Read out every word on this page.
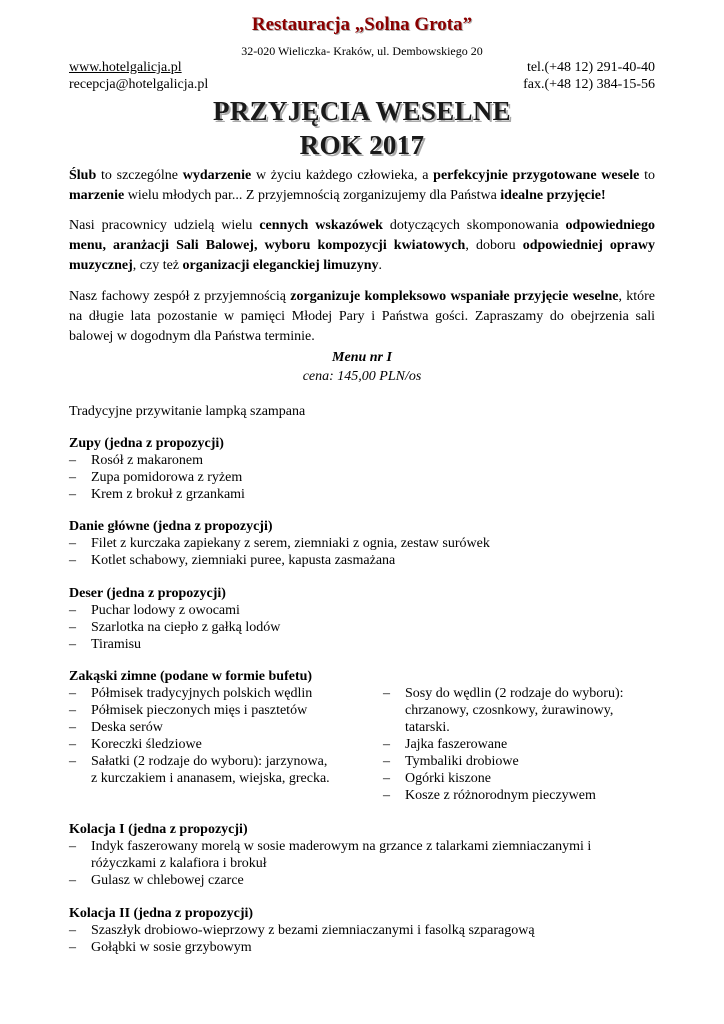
Restauracja „Solna Grota”
32-020 Wieliczka- Kraków, ul. Dembowskiego 20
www.hotelgalicja.pl	tel.(+48 12) 291-40-40
recepcja@hotelgalicja.pl	fax.(+48 12) 384-15-56
PRZYJĘCIA WESELNE
ROK 2017

Ślub to szczególne wydarzenie w życiu każdego człowieka, a perfekcyjnie przygotowane wesele to marzenie wielu młodych par... Z przyjemnością zorganizujemy dla Państwa idealne przyjęcie!

Nasi pracownicy udzielą wielu cennych wskazówek dotyczących skomponowania odpowiedniego menu, aranżacji Sali Balowej, wyboru kompozycji kwiatowych, doboru odpowiedniej oprawy muzycznej, czy też organizacji eleganckiej limuzyny.

Nasz fachowy zespół z przyjemnością zorganizuje kompleksowo wspaniałe przyjęcie weselne, które na długie lata pozostanie w pamięci Młodej Pary i Państwa gości. Zapraszamy do obejrzenia sali balowej w dogodnym dla Państwa terminie.

Menu nr I
cena: 145,00 PLN/os
Tradycyjne przywitanie lampką szampana
Zupy (jedna z propozycji)
– Rosół z makaronem
– Zupa pomidorowa z ryżem
– Krem z brokuł z grzankami
Danie główne (jedna z propozycji)
– Filet z kurczaka zapiekany z serem, ziemniaki z ognia, zestaw surówek
– Kotlet schabowy, ziemniaki puree, kapusta zasmażana
Deser (jedna z propozycji)
– Puchar lodowy z owocami
– Szarlotka na ciepło z gałką lodów
– Tiramisu
Zakąski zimne (podane w formie bufetu)
– Półmisek tradycyjnych polskich wędlin
– Półmisek pieczonych mięs i pasztetów
– Deska serów
– Koreczki śledziowe
– Sałatki (2 rodzaje do wyboru): jarzynowa,
z kurczakiem i ananasem, wiejska, grecka.
– Sosy do wędlin (2 rodzaje do wyboru):
chrzanowy, czosnkowy, żurawinowy,
tatarski.
– Jajka faszerowane
– Tymbaliki drobiowe
– Ogórki kiszone
– Kosze z różnorodnym pieczywem
Kolacja I (jedna z propozycji)
– Indyk faszerowany morelą w sosie maderowym na grzance z talarkami ziemniaczanymi i
różyczkami z kalafiora i brokuł
– Gulasz w chlebowej czarce
Kolacja II (jedna z propozycji)
– Szaszłyk drobiowo-wieprzowy z bezami ziemniaczanymi i fasolką szparagową
– Gołąbki w sosie grzybowym
